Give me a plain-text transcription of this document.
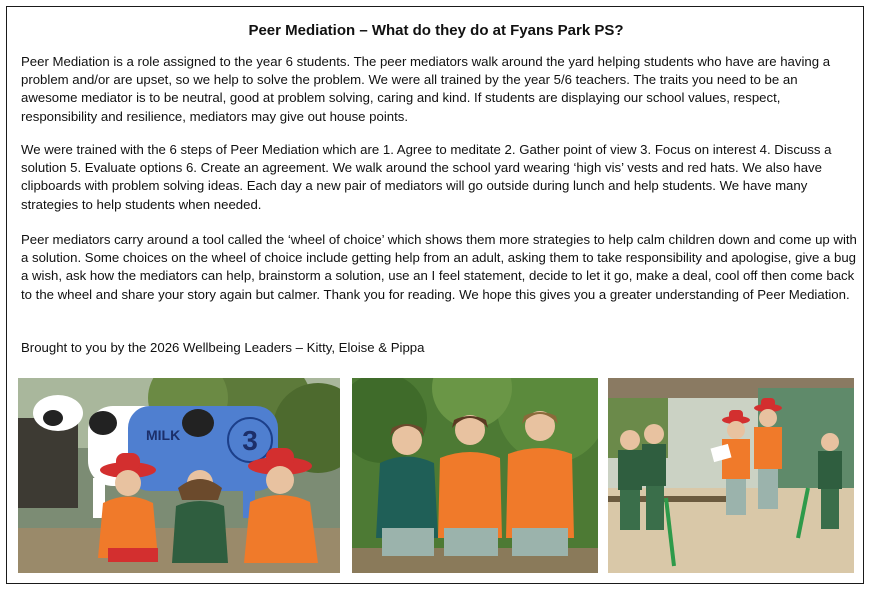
Peer Mediation – What do they do at Fyans Park PS?

Peer Mediation is a role assigned to the year 6 students. The peer mediators walk around the yard helping students who have are having a problem and/or are upset, so we help to solve the problem. We were all trained by the year 5/6 teachers. The traits you need to be an awesome mediator is to be neutral, good at problem solving, caring and kind. If students are displaying our school values, respect, responsibility and resilience, mediators may give out house points.

We were trained with the 6 steps of Peer Mediation which are 1. Agree to meditate 2. Gather point of view 3. Focus on interest 4. Discuss a solution 5. Evaluate options 6. Create an agreement. We walk around the school yard wearing ‘high vis’ vests and red hats. We also have clipboards with problem solving ideas. Each day a new pair of mediators will go outside during lunch and help students. We have many strategies to help students when needed.

Peer mediators carry around a tool called the ‘wheel of choice’ which shows them more strategies to help calm children down and come up with a solution. Some choices on the wheel of choice include getting help from an adult, asking them to take responsibility and apologise, give a bug a wish, ask how the mediators can help, brainstorm a solution, use an I feel statement, decide to let it go, make a deal, cool off then come back to the wheel and share your story again but calmer. Thank you for reading. We hope this gives you a greater understanding of Peer Mediation.

Brought to you by the 2026 Wellbeing Leaders – Kitty, Eloise & Pippa

3
MILK
